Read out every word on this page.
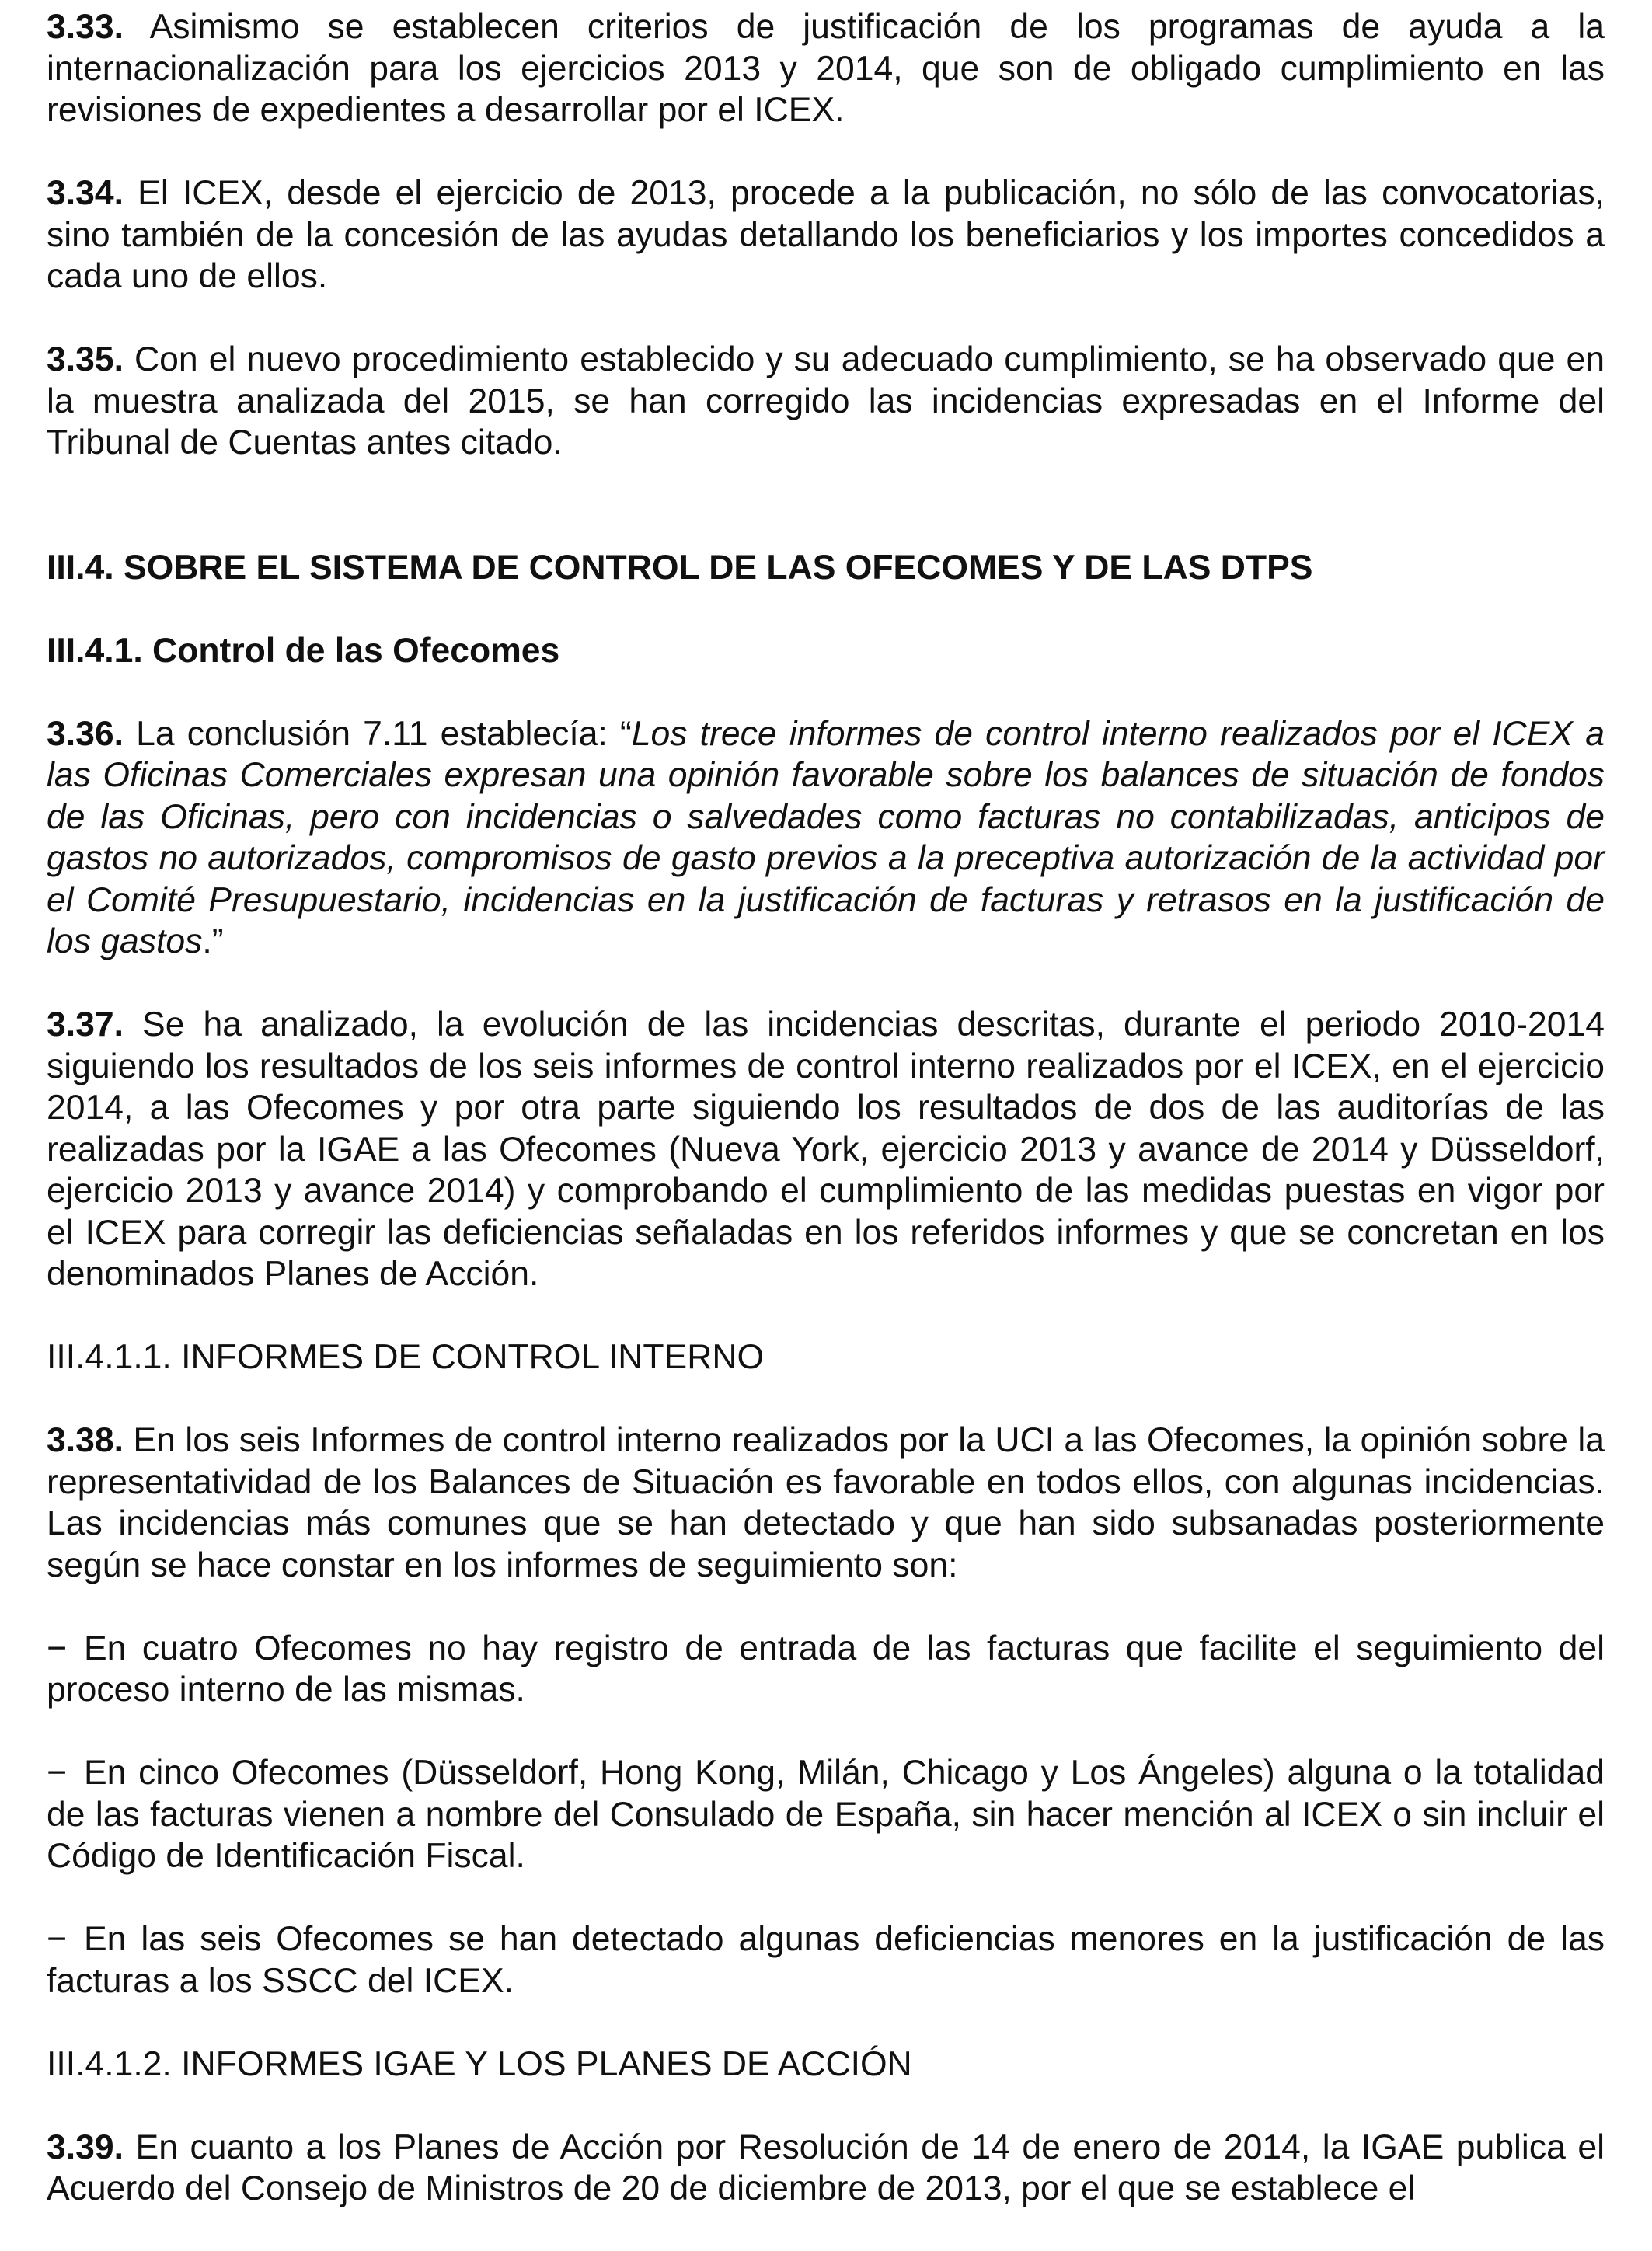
3.33. Asimismo se establecen criterios de justificación de los programas de ayuda a la internacionalización para los ejercicios 2013 y 2014, que son de obligado cumplimiento en las revisiones de expedientes a desarrollar por el ICEX.

3.34. El ICEX, desde el ejercicio de 2013, procede a la publicación, no sólo de las convocatorias, sino también de la concesión de las ayudas detallando los beneficiarios y los importes concedidos a cada uno de ellos.

3.35. Con el nuevo procedimiento establecido y su adecuado cumplimiento, se ha observado que en la muestra analizada del 2015, se han corregido las incidencias expresadas en el Informe del Tribunal de Cuentas antes citado.

III.4. SOBRE EL SISTEMA DE CONTROL DE LAS OFECOMES Y DE LAS DTPS
III.4.1. Control de las Ofecomes

3.36. La conclusión 7.11 establecía: “Los trece informes de control interno realizados por el ICEX a las Oficinas Comerciales expresan una opinión favorable sobre los balances de situación de fondos de las Oficinas, pero con incidencias o salvedades como facturas no contabilizadas, anticipos de gastos no autorizados, compromisos de gasto previos a la preceptiva autorización de la actividad por el Comité Presupuestario, incidencias en la justificación de facturas y retrasos en la justificación de los gastos.”

3.37. Se ha analizado, la evolución de las incidencias descritas, durante el periodo 2010-2014 siguiendo los resultados de los seis informes de control interno realizados por el ICEX, en el ejercicio 2014, a las Ofecomes y por otra parte siguiendo los resultados de dos de las auditorías de las realizadas por la IGAE a las Ofecomes (Nueva York, ejercicio 2013 y avance de 2014 y Düsseldorf, ejercicio 2013 y avance 2014) y comprobando el cumplimiento de las medidas puestas en vigor por el ICEX para corregir las deficiencias señaladas en los referidos informes y que se concretan en los denominados Planes de Acción.

III.4.1.1. INFORMES DE CONTROL INTERNO

3.38. En los seis Informes de control interno realizados por la UCI a las Ofecomes, la opinión sobre la representatividad de los Balances de Situación es favorable en todos ellos, con algunas incidencias. Las incidencias más comunes que se han detectado y que han sido subsanadas posteriormente según se hace constar en los informes de seguimiento son:

− En cuatro Ofecomes no hay registro de entrada de las facturas que facilite el seguimiento del proceso interno de las mismas.

− En cinco Ofecomes (Düsseldorf, Hong Kong, Milán, Chicago y Los Ángeles) alguna o la totalidad de las facturas vienen a nombre del Consulado de España, sin hacer mención al ICEX o sin incluir el Código de Identificación Fiscal.

− En las seis Ofecomes se han detectado algunas deficiencias menores en la justificación de las facturas a los SSCC del ICEX.

III.4.1.2. INFORMES IGAE Y LOS PLANES DE ACCIÓN

3.39. En cuanto a los Planes de Acción por Resolución de 14 de enero de 2014, la IGAE publica el Acuerdo del Consejo de Ministros de 20 de diciembre de 2013, por el que se establece el
